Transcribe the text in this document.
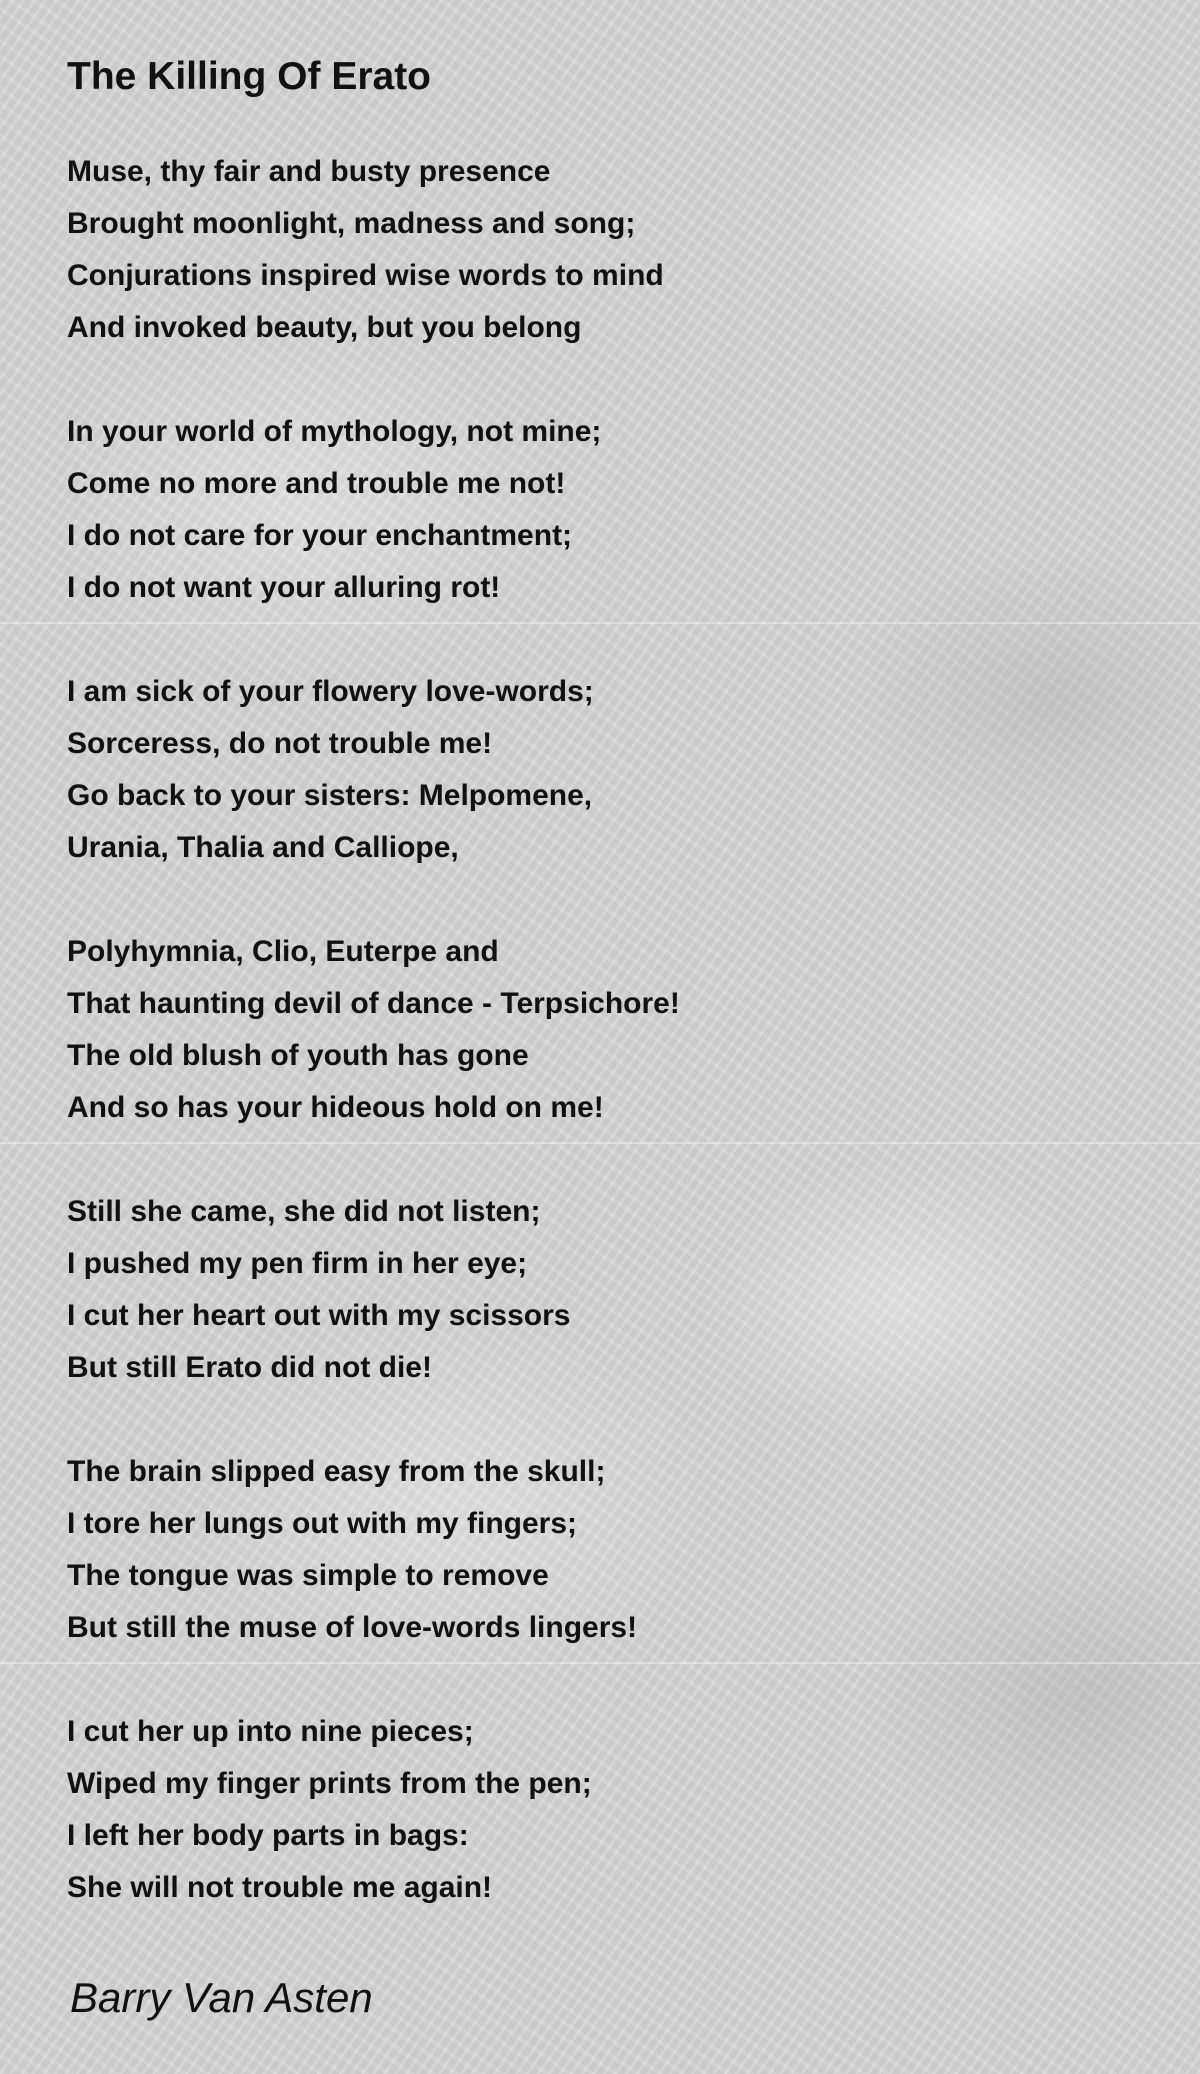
The Killing Of Erato
Muse, thy fair and busty presence
Brought moonlight, madness and song;
Conjurations inspired wise words to mind
And invoked beauty, but you belong
In your world of mythology, not mine;
Come no more and trouble me not!
I do not care for your enchantment;
I do not want your alluring rot!
I am sick of your flowery love-words;
Sorceress, do not trouble me!
Go back to your sisters: Melpomene,
Urania, Thalia and Calliope,
Polyhymnia, Clio, Euterpe and
That haunting devil of dance - Terpsichore!
The old blush of youth has gone
And so has your hideous hold on me!
Still she came, she did not listen;
I pushed my pen firm in her eye;
I cut her heart out with my scissors
But still Erato did not die!
The brain slipped easy from the skull;
I tore her lungs out with my fingers;
The tongue was simple to remove
But still the muse of love-words lingers!
I cut her up into nine pieces;
Wiped my finger prints from the pen;
I left her body parts in bags:
She will not trouble me again!
Barry Van Asten
